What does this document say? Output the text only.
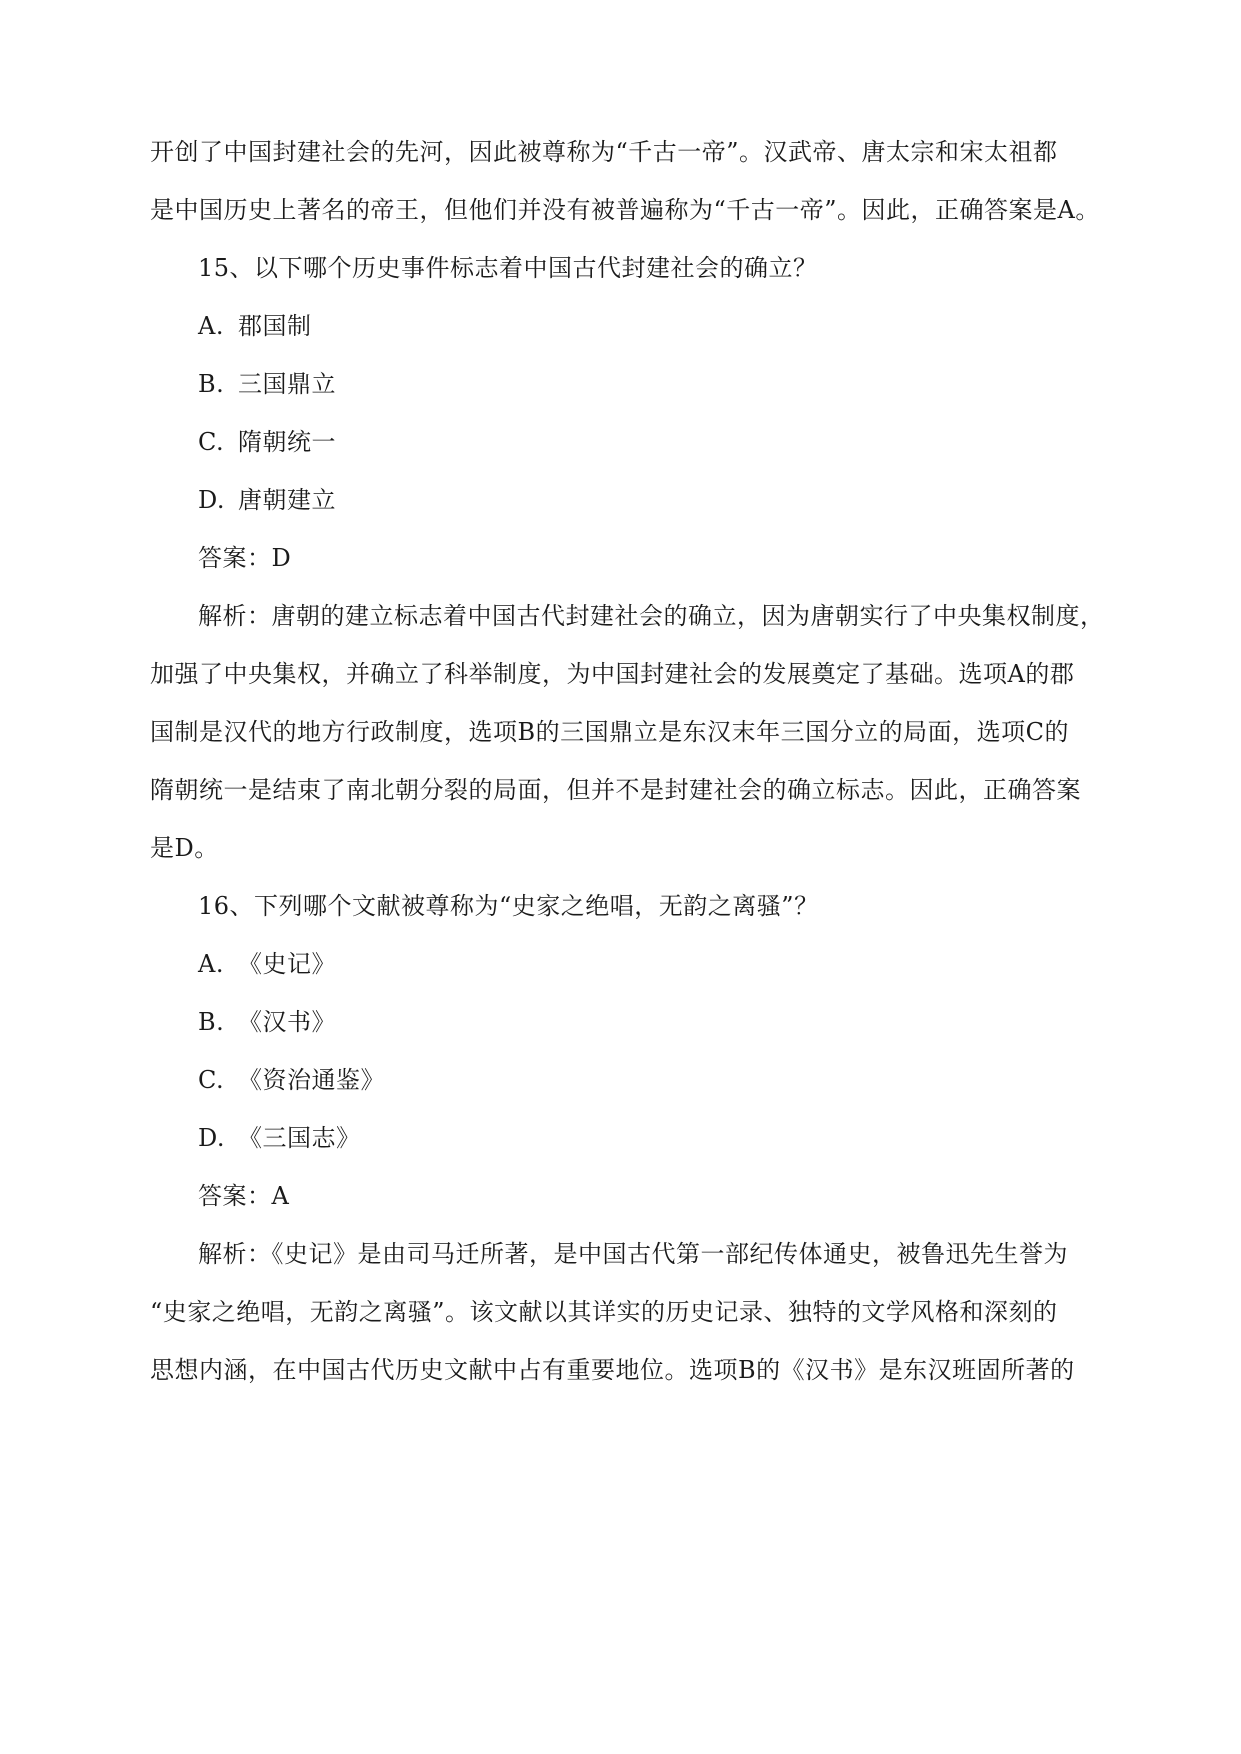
开创了中国封建社会的先河，因此被尊称为“千古一帝”。汉武帝、唐太宗和宋太祖都
是中国历史上著名的帝王，但他们并没有被普遍称为“千古一帝”。因此，正确答案是A。
15、以下哪个历史事件标志着中国古代封建社会的确立？
A. 郡国制
B. 三国鼎立
C. 隋朝统一
D. 唐朝建立
答案：D
解析：唐朝的建立标志着中国古代封建社会的确立，因为唐朝实行了中央集权制度，
加强了中央集权，并确立了科举制度，为中国封建社会的发展奠定了基础。选项A的郡
国制是汉代的地方行政制度，选项B的三国鼎立是东汉末年三国分立的局面，选项C的
隋朝统一是结束了南北朝分裂的局面，但并不是封建社会的确立标志。因此，正确答案
是D。
16、下列哪个文献被尊称为“史家之绝唱，无韵之离骚”？
A. 《史记》
B. 《汉书》
C. 《资治通鉴》
D. 《三国志》
答案：A
解析：《史记》是由司马迁所著，是中国古代第一部纪传体通史，被鲁迅先生誉为
“史家之绝唱，无韵之离骚”。该文献以其详实的历史记录、独特的文学风格和深刻的
思想内涵，在中国古代历史文献中占有重要地位。选项B的《汉书》是东汉班固所著的
